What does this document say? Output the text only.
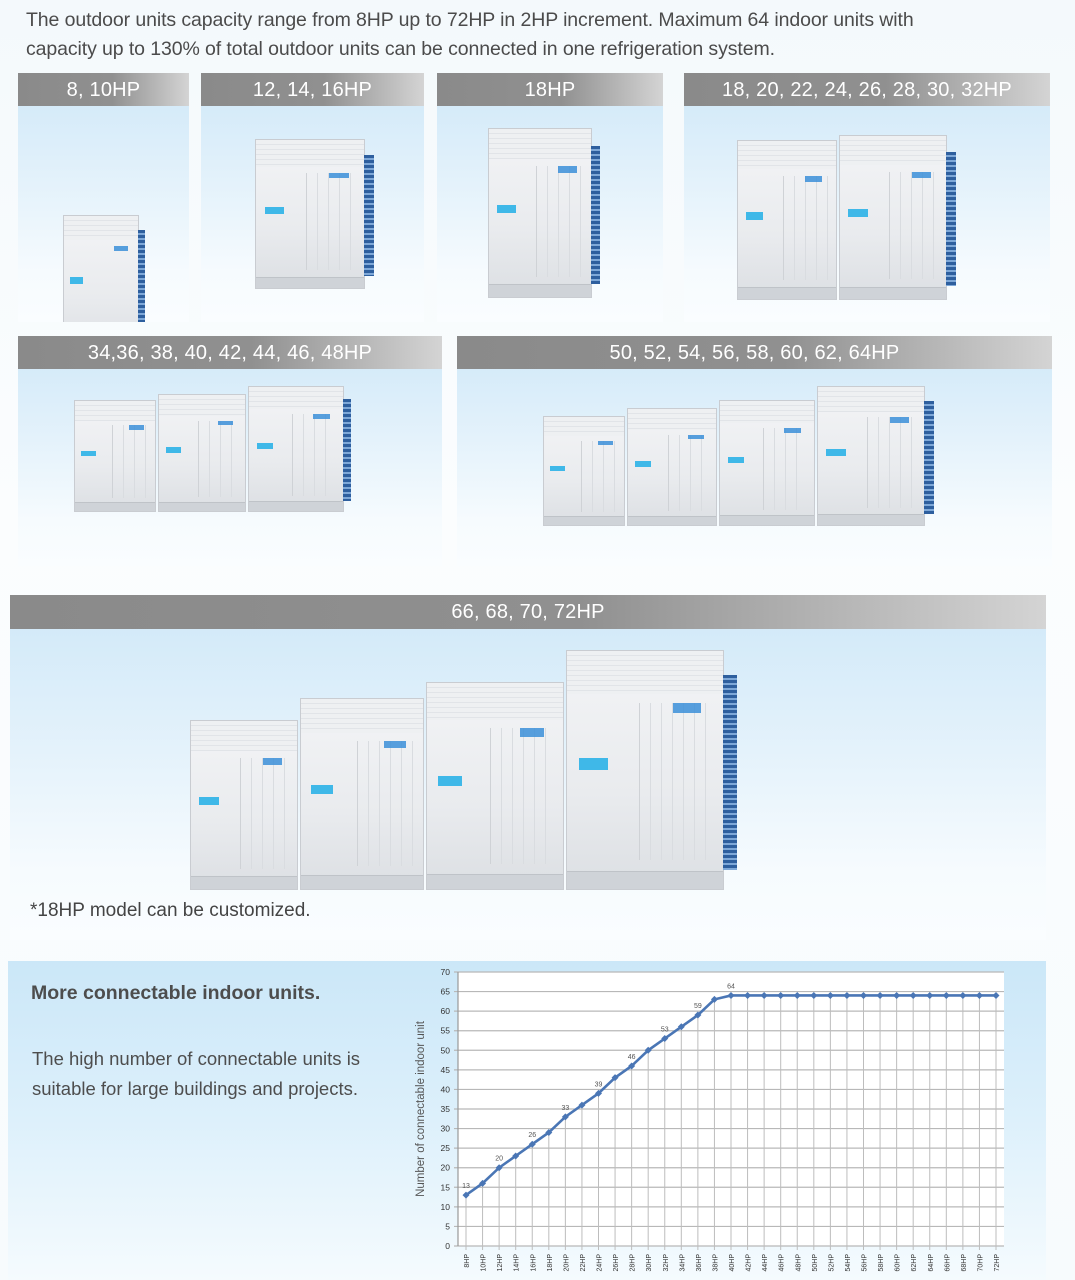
The outdoor units capacity range from 8HP up to 72HP in 2HP increment. Maximum 64 indoor units with
capacity up to 130% of total outdoor units can be connected in one refrigeration system.
8, 10HP	12, 14, 16HP	18HP	18, 20, 22, 24, 26, 28, 30, 32HP
34,36, 38, 40, 42, 44, 46, 48HP	50, 52, 54, 56, 58, 60, 62, 64HP
66, 68, 70, 72HP
*18HP model can be customized.
More connectable indoor units.
The high number of connectable units is
suitable for large buildings and projects.
0
5
10
15
20
25
30
35
40
45
50
55
60
65
70
8HP 10HP 12HP 14HP 16HP 18HP 20HP 22HP 24HP 26HP 28HP 30HP 32HP 34HP 36HP 38HP 40HP 42HP 44HP 46HP 48HP 50HP 52HP 54HP 56HP 58HP 60HP 62HP 64HP 66HP 68HP 70HP 72HP
13
20
26
33
39
46
53
59
64
Number of connectable indoor unit
